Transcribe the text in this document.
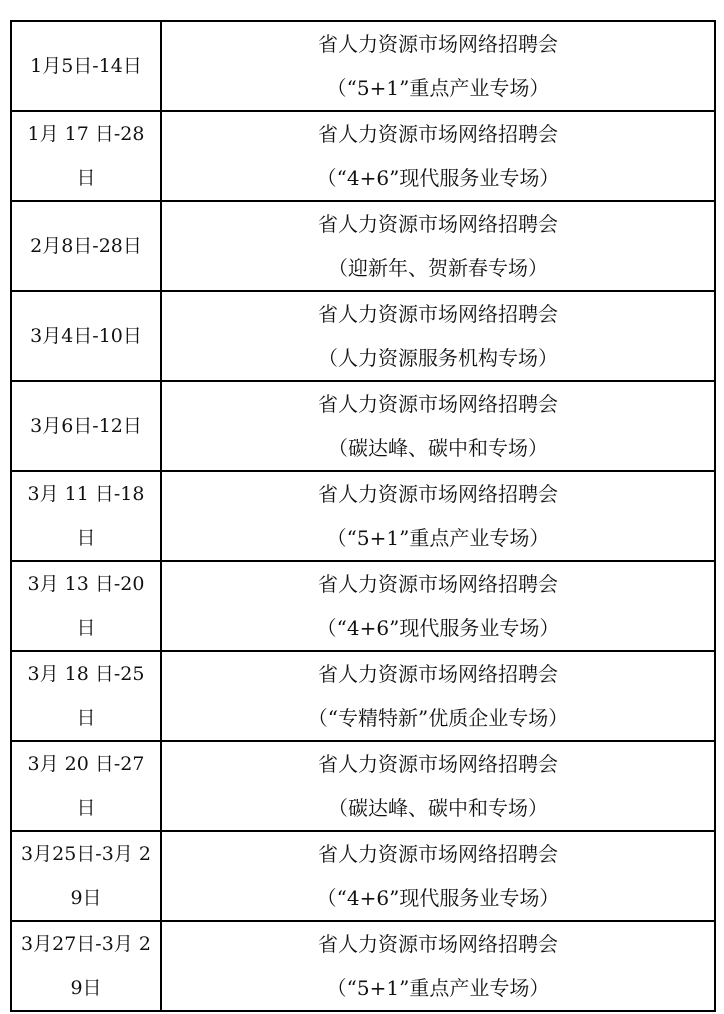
1月5日-14日	省人力资源市场网络招聘会
（“5+1”重点产业专场）

1月 17 日-28 日	省人力资源市场网络招聘会
（“4+6”现代服务业专场）

2月8日-28日	省人力资源市场网络招聘会
（迎新年、贺新春专场）

3月4日-10日	省人力资源市场网络招聘会
（人力资源服务机构专场）

3月6日-12日	省人力资源市场网络招聘会
（碳达峰、碳中和专场）

3月 11 日-18 日	省人力资源市场网络招聘会
（“5+1”重点产业专场）

3月 13 日-20 日	省人力资源市场网络招聘会
（“4+6”现代服务业专场）

3月 18 日-25 日	省人力资源市场网络招聘会
（“专精特新”优质企业专场）

3月 20 日-27 日	省人力资源市场网络招聘会
（碳达峰、碳中和专场）

3月25日-3月 29日	省人力资源市场网络招聘会
（“4+6”现代服务业专场）

3月27日-3月 29日	省人力资源市场网络招聘会
（“5+1”重点产业专场）
